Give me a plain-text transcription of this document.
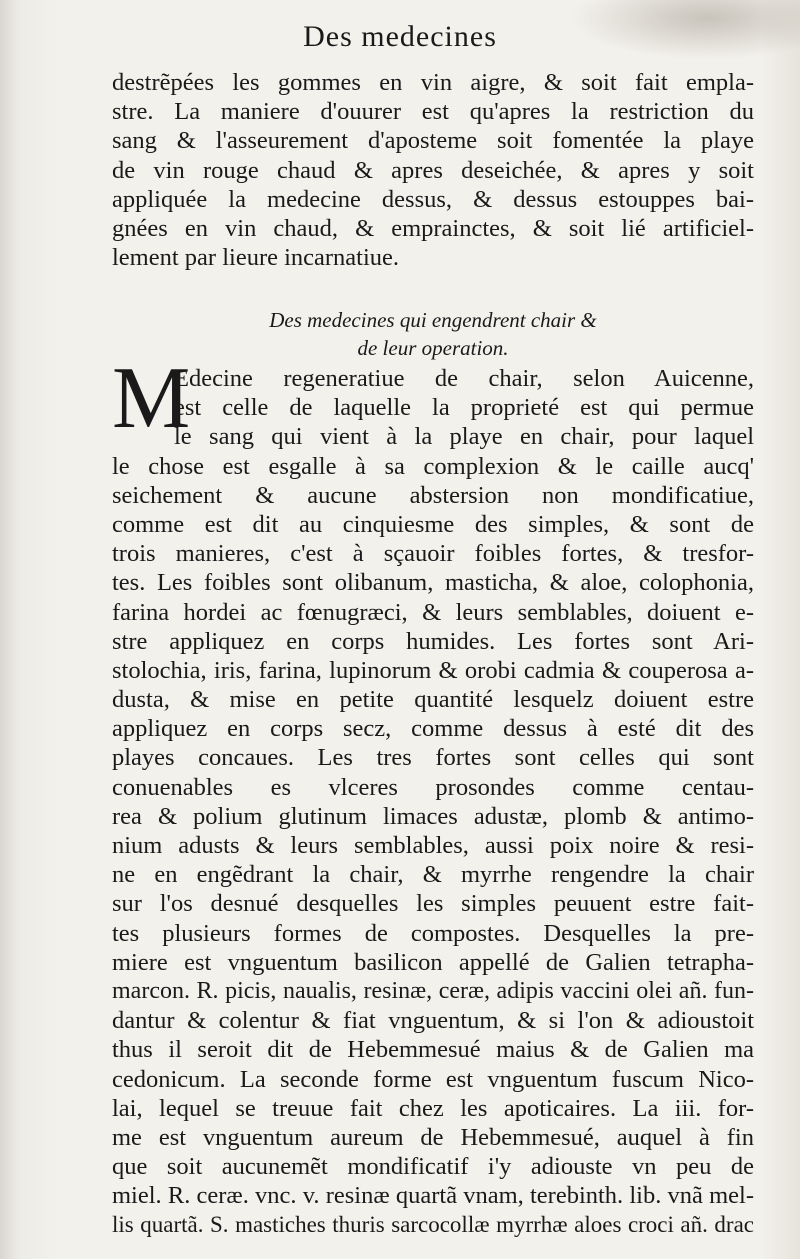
Des medecines
destrẽpées les gommes en vin aigre, & soit fait empla-
stre. La maniere d'ouurer est qu'apres la restriction du
sang & l'asseurement d'aposteme soit fomentée la playe
de vin rouge chaud & apres deseichée, & apres y soit
appliquée la medecine dessus, & dessus estouppes bai-
gnées en vin chaud, & emprainctes, & soit lié artificiel-
lement par lieure incarnatiue.
Des medecines qui engendrent chair &
de leur operation.
M
Edecine regeneratiue de chair, selon Auicenne,
est celle de laquelle la proprieté est qui permue
le sang qui vient à la playe en chair, pour laquel
le chose est esgalle à sa complexion & le caille aucq'
seichement & aucune abstersion non mondificatiue,
comme est dit au cinquiesme des simples, & sont de
trois manieres, c'est à sçauoir foibles fortes, & tresfor-
tes. Les foibles sont olibanum, masticha, & aloe, colophonia,
farina hordei ac fœnugræci, & leurs semblables, doiuent e-
stre appliquez en corps humides. Les fortes sont Ari-
stolochia, iris, farina, lupinorum & orobi cadmia & couperosa a-
dusta, & mise en petite quantité lesquelz doiuent estre
appliquez en corps secz, comme dessus à esté dit des
playes concaues. Les tres fortes sont celles qui sont
conuenables es vlceres prosondes comme centau-
rea & polium glutinum limaces adustæ, plomb & antimo-
nium adusts & leurs semblables, aussi poix noire & resi-
ne en engẽdrant la chair, & myrrhe rengendre la chair
sur l'os desnué desquelles les simples peuuent estre fait-
tes plusieurs formes de compostes. Desquelles la pre-
miere est vnguentum basilicon appellé de Galien tetrapha-
marcon. R. picis, naualis, resinæ, ceræ, adipis vaccini olei añ. fun-
dantur & colentur & fiat vnguentum, & si l'on & adioustoit
thus il seroit dit de Hebemmesué maius & de Galien ma
cedonicum. La seconde forme est vnguentum fuscum Nico-
lai, lequel se treuue fait chez les apoticaires. La iii. for-
me est vnguentum aureum de Hebemmesué, auquel à fin
que soit aucunemẽt mondificatif i'y adiouste vn peu de
miel. R. ceræ. vnc. v. resinæ quartã vnam, terebinth. lib. vnã mel-
lis quartã. S. mastiches thuris sarcocollæ myrrhæ aloes croci añ. drac
